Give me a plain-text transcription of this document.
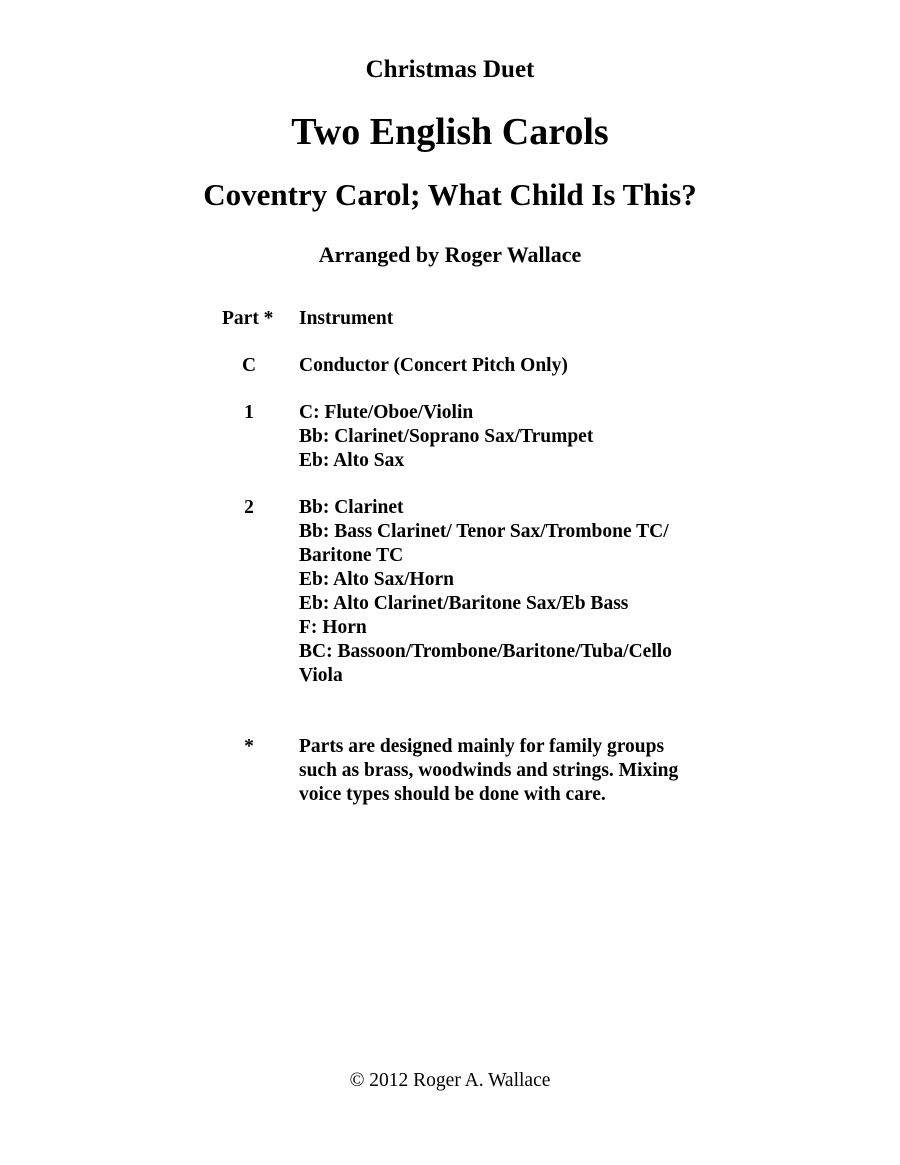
Christmas Duet
Two English Carols
Coventry Carol; What Child Is This?
Arranged by Roger Wallace
Part * Instrument
C	Conductor (Concert Pitch Only)
1	C: Flute/Oboe/Violin
Bb: Clarinet/Soprano Sax/Trumpet
Eb: Alto Sax
2	Bb: Clarinet
Bb: Bass Clarinet/ Tenor Sax/Trombone TC/
Baritone TC
Eb: Alto Sax/Horn
Eb: Alto Clarinet/Baritone Sax/Eb Bass
F: Horn
BC: Bassoon/Trombone/Baritone/Tuba/Cello
Viola
*	Parts are designed mainly for family groups
such as brass, woodwinds and strings. Mixing
voice types should be done with care.
© 2012 Roger A. Wallace
